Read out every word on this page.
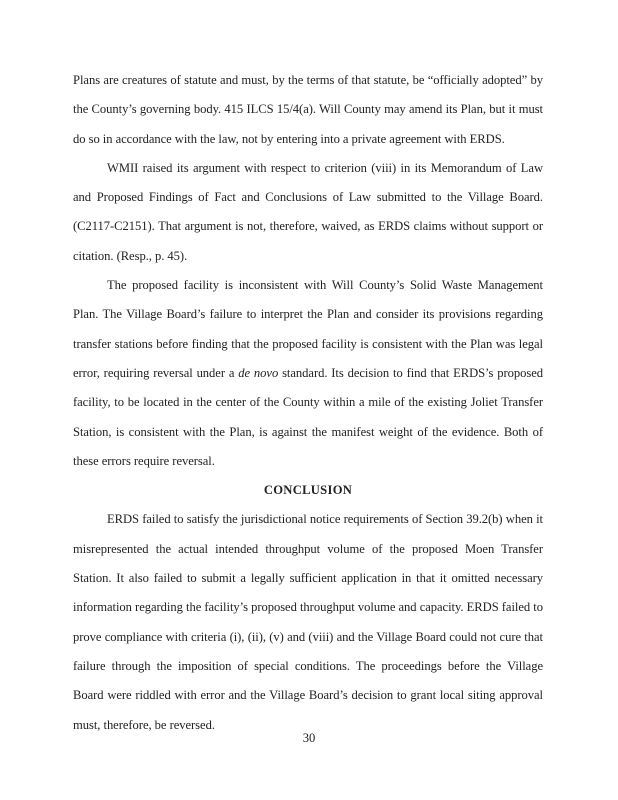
Plans are creatures of statute and must, by the terms of that statute, be “officially adopted” by the County’s governing body. 415 ILCS 15/4(a). Will County may amend its Plan, but it must do so in accordance with the law, not by entering into a private agreement with ERDS.

WMII raised its argument with respect to criterion (viii) in its Memorandum of Law and Proposed Findings of Fact and Conclusions of Law submitted to the Village Board. (C2117-C2151). That argument is not, therefore, waived, as ERDS claims without support or citation. (Resp., p. 45).

The proposed facility is inconsistent with Will County’s Solid Waste Management Plan. The Village Board’s failure to interpret the Plan and consider its provisions regarding transfer stations before finding that the proposed facility is consistent with the Plan was legal error, requiring reversal under a de novo standard. Its decision to find that ERDS’s proposed facility, to be located in the center of the County within a mile of the existing Joliet Transfer Station, is consistent with the Plan, is against the manifest weight of the evidence. Both of these errors require reversal.

CONCLUSION

ERDS failed to satisfy the jurisdictional notice requirements of Section 39.2(b) when it misrepresented the actual intended throughput volume of the proposed Moen Transfer Station. It also failed to submit a legally sufficient application in that it omitted necessary information regarding the facility’s proposed throughput volume and capacity. ERDS failed to prove compliance with criteria (i), (ii), (v) and (viii) and the Village Board could not cure that failure through the imposition of special conditions. The proceedings before the Village Board were riddled with error and the Village Board’s decision to grant local siting approval must, therefore, be reversed.

30
